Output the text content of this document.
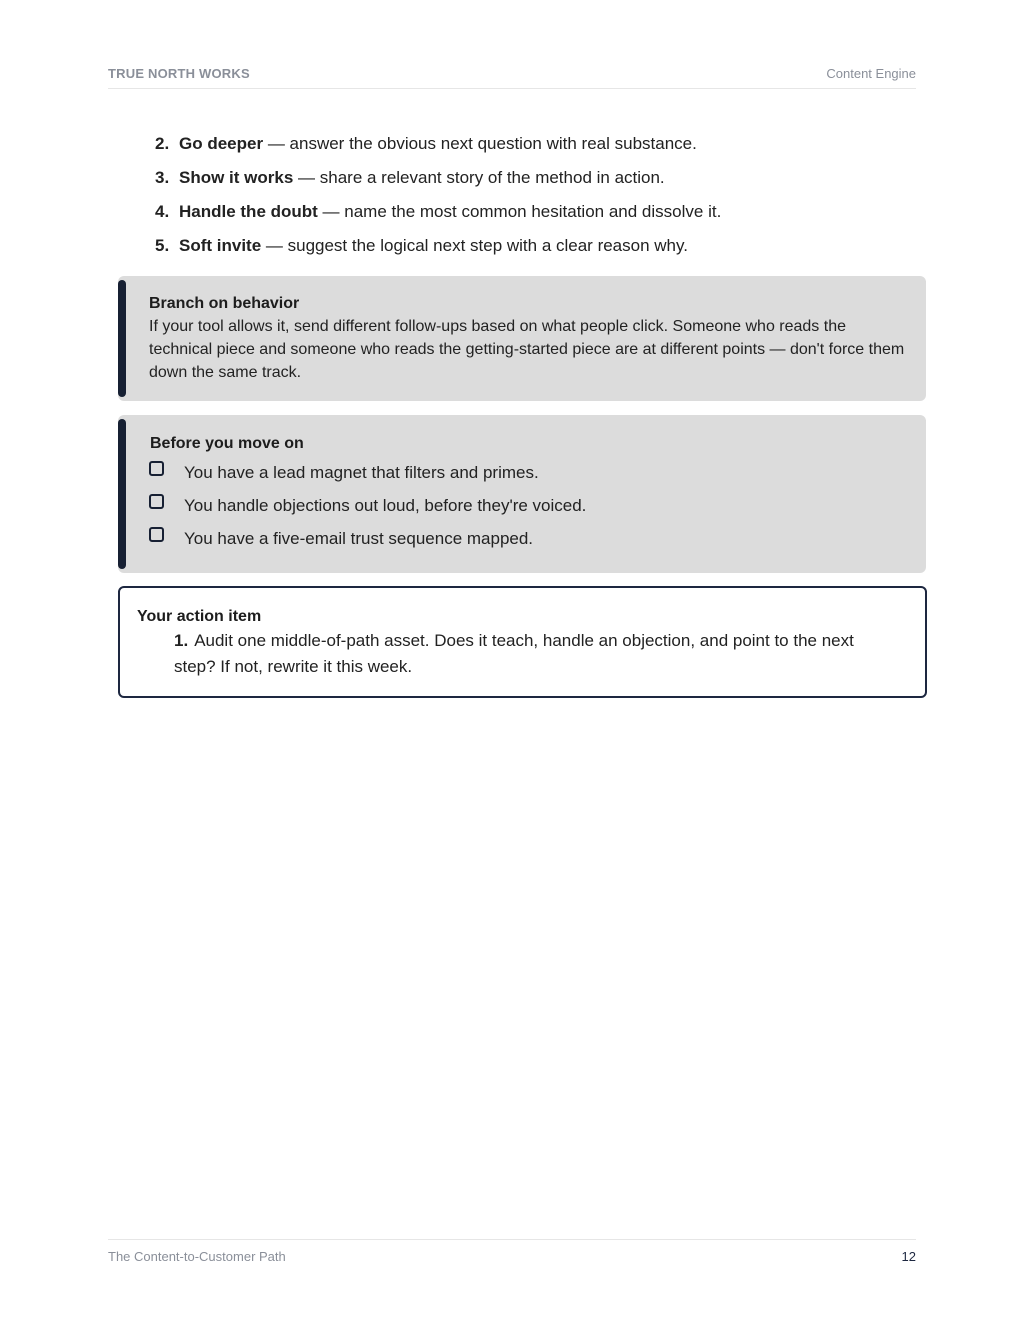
TRUE NORTH WORKS	Content Engine
2. Go deeper — answer the obvious next question with real substance.
3. Show it works — share a relevant story of the method in action.
4. Handle the doubt — name the most common hesitation and dissolve it.
5. Soft invite — suggest the logical next step with a clear reason why.
Branch on behavior
If your tool allows it, send different follow-ups based on what people click. Someone who reads the technical piece and someone who reads the getting-started piece are at different points — don't force them down the same track.
Before you move on
You have a lead magnet that filters and primes.
You handle objections out loud, before they're voiced.
You have a five-email trust sequence mapped.
Your action item
1. Audit one middle-of-path asset. Does it teach, handle an objection, and point to the next step? If not, rewrite it this week.
The Content-to-Customer Path	12
